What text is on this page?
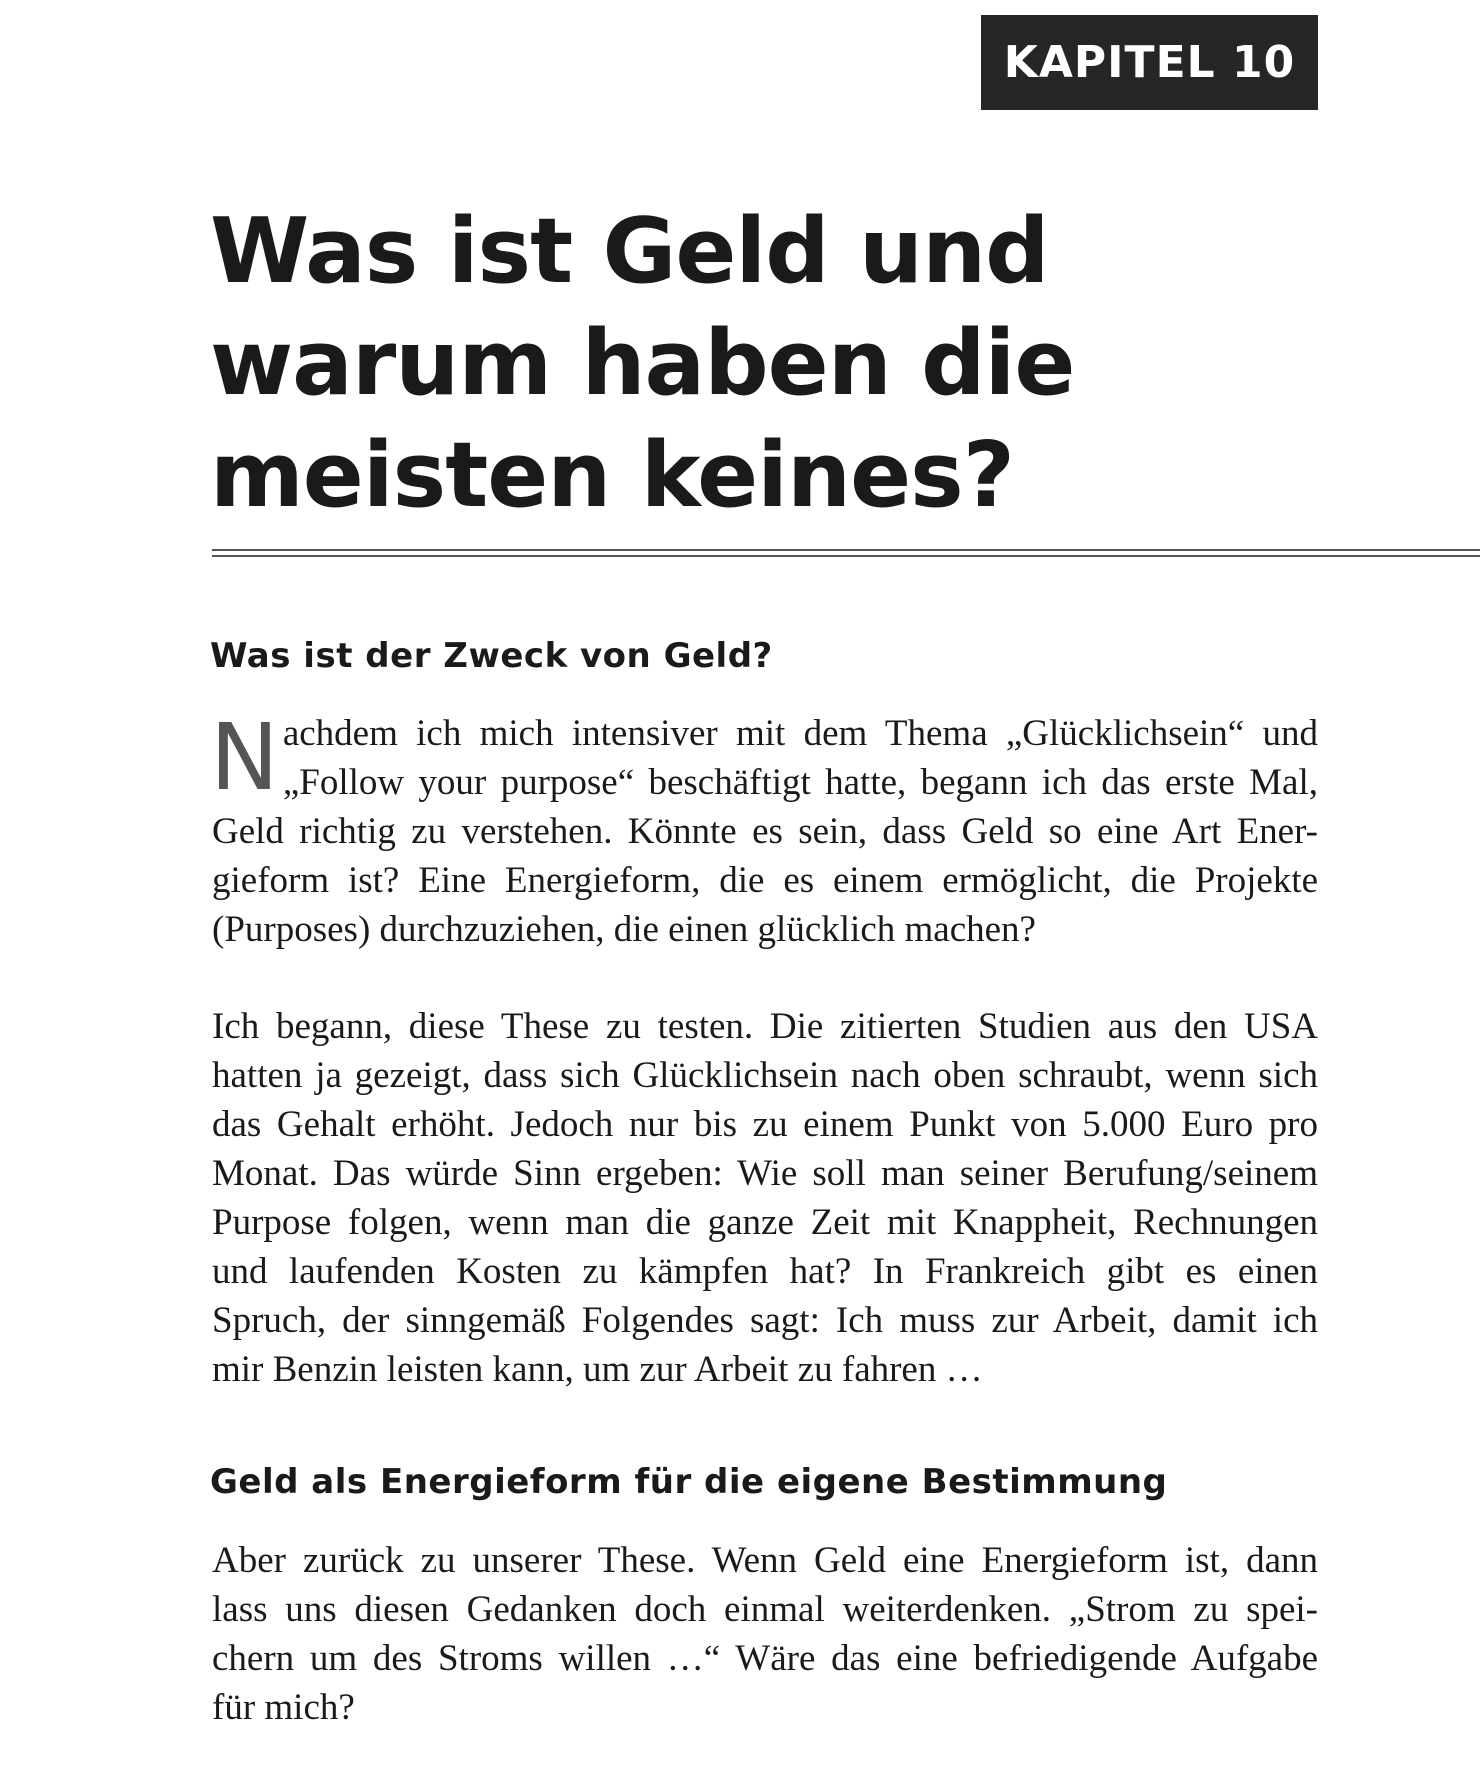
KAPITEL 10
Was ist Geld und
warum haben die
meisten keines?
Was ist der Zweck von Geld?

N achdem ich mich intensiver mit dem Thema „Glücklichsein“ und
„Follow your purpose“ beschäftigt hatte, begann ich das erste Mal,
Geld richtig zu verstehen. Könnte es sein, dass Geld so eine Art Ener-
gieform ist? Eine Energieform, die es einem ermöglicht, die Projekte
(Purposes) durchzuziehen, die einen glücklich machen?

Ich begann, diese These zu testen. Die zitierten Studien aus den USA
hatten ja gezeigt, dass sich Glücklichsein nach oben schraubt, wenn sich
das Gehalt erhöht. Jedoch nur bis zu einem Punkt von 5.000 Euro pro
Monat. Das würde Sinn ergeben: Wie soll man seiner Berufung/seinem
Purpose folgen, wenn man die ganze Zeit mit Knappheit, Rechnungen
und laufenden Kosten zu kämpfen hat? In Frankreich gibt es einen
Spruch, der sinngemäß Folgendes sagt: Ich muss zur Arbeit, damit ich
mir Benzin leisten kann, um zur Arbeit zu fahren …

Geld als Energieform für die eigene Bestimmung

Aber zurück zu unserer These. Wenn Geld eine Energieform ist, dann
lass uns diesen Gedanken doch einmal weiterdenken. „Strom zu spei-
chern um des Stroms willen …“ Wäre das eine befriedigende Aufgabe
für mich?
